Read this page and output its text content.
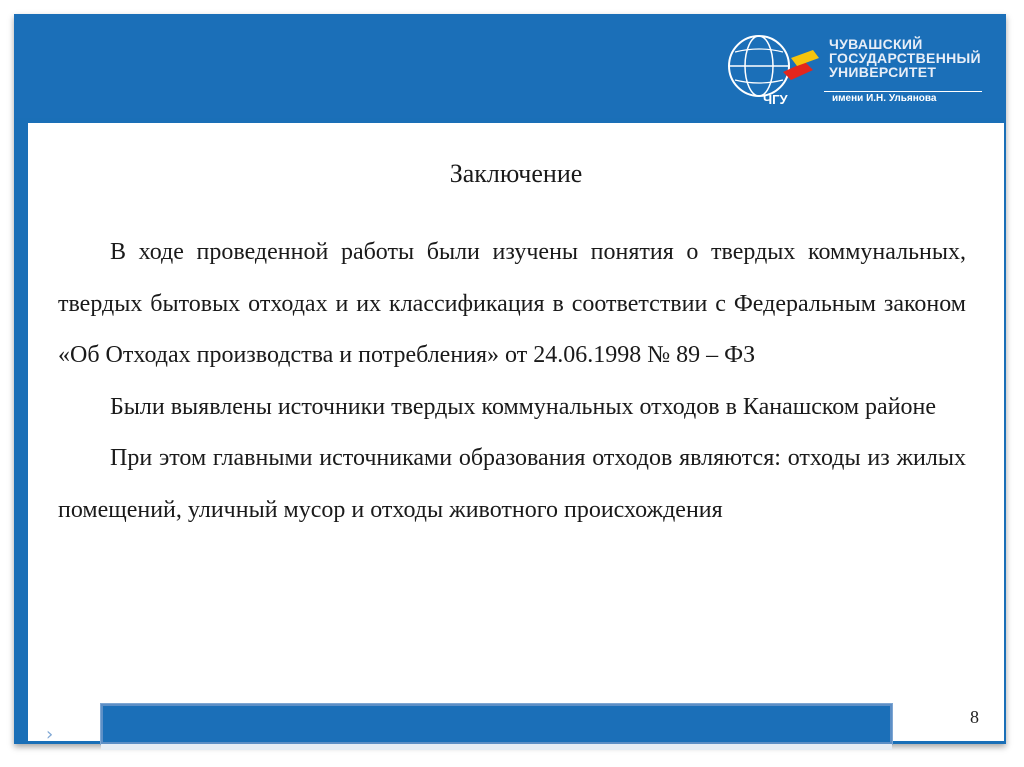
ЧГУ
ЧУВАШСКИЙ
ГОСУДАРСТВЕННЫЙ
УНИВЕРСИТЕТ
имени И.Н. Ульянова
Заключение

В ходе проведенной работы были изучены понятия о твердых коммунальных, твердых бытовых отходах и их классификация в соответствии с Федеральным законом «Об Отходах производства и потребления» от 24.06.1998 № 89 – ФЗ

Были выявлены источники твердых коммунальных отходов в Канашском районе

При этом главными источниками образования отходов являются: отходы из жилых помещений, уличный мусор и отходы животного происхождения

8
›
